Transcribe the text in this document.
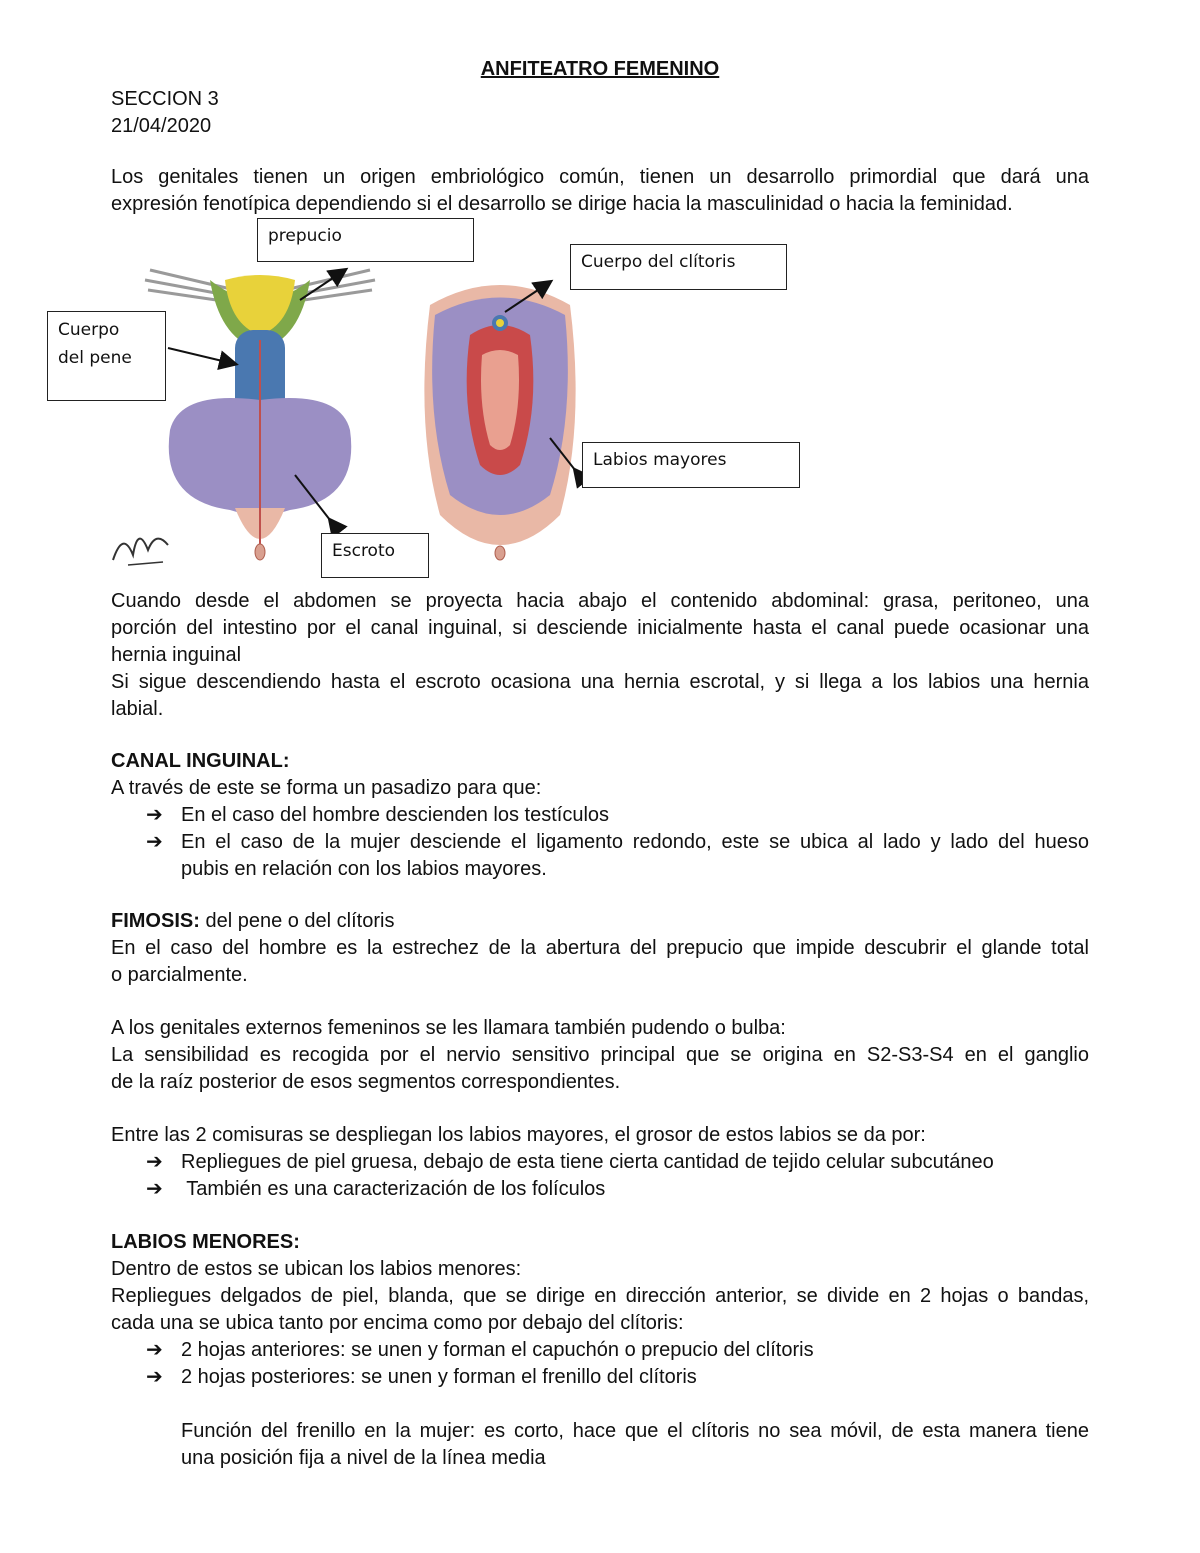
ANFITEATRO FEMENINO
SECCION 3
21/04/2020
Los genitales tienen un origen embriológico común, tienen un desarrollo primordial que dará una
expresión fenotípica dependiendo si el desarrollo se dirige hacia la masculinidad o hacia la feminidad.
prepucio
Cuerpo del clítoris
Cuerpo
del pene
Labios mayores
Escroto
Cuando desde el abdomen se proyecta hacia abajo el contenido abdominal: grasa, peritoneo, una
porción del intestino por el canal inguinal, si desciende inicialmente hasta el canal puede ocasionar una
hernia inguinal
Si sigue descendiendo hasta el escroto ocasiona una hernia escrotal, y si llega a los labios una hernia
labial.
CANAL INGUINAL:
A través de este se forma un pasadizo para que:
➔ En el caso del hombre descienden los testículos
➔ En el caso de la mujer desciende el ligamento redondo, este se ubica al lado y lado del hueso
pubis en relación con los labios mayores.
FIMOSIS: del pene o del clítoris
En el caso del hombre es la estrechez de la abertura del prepucio que impide descubrir el glande total
o parcialmente.
A los genitales externos femeninos se les llamara también pudendo o bulba:
La sensibilidad es recogida por el nervio sensitivo principal que se origina en S2-S3-S4 en el ganglio
de la raíz posterior de esos segmentos correspondientes.
Entre las 2 comisuras se despliegan los labios mayores, el grosor de estos labios se da por:
➔ Repliegues de piel gruesa, debajo de esta tiene cierta cantidad de tejido celular subcutáneo
➔ También es una caracterización de los folículos
LABIOS MENORES:
Dentro de estos se ubican los labios menores:
Repliegues delgados de piel, blanda, que se dirige en dirección anterior, se divide en 2 hojas o bandas,
cada una se ubica tanto por encima como por debajo del clítoris:
➔ 2 hojas anteriores: se unen y forman el capuchón o prepucio del clítoris
➔ 2 hojas posteriores: se unen y forman el frenillo del clítoris
Función del frenillo en la mujer: es corto, hace que el clítoris no sea móvil, de esta manera tiene
una posición fija a nivel de la línea media
